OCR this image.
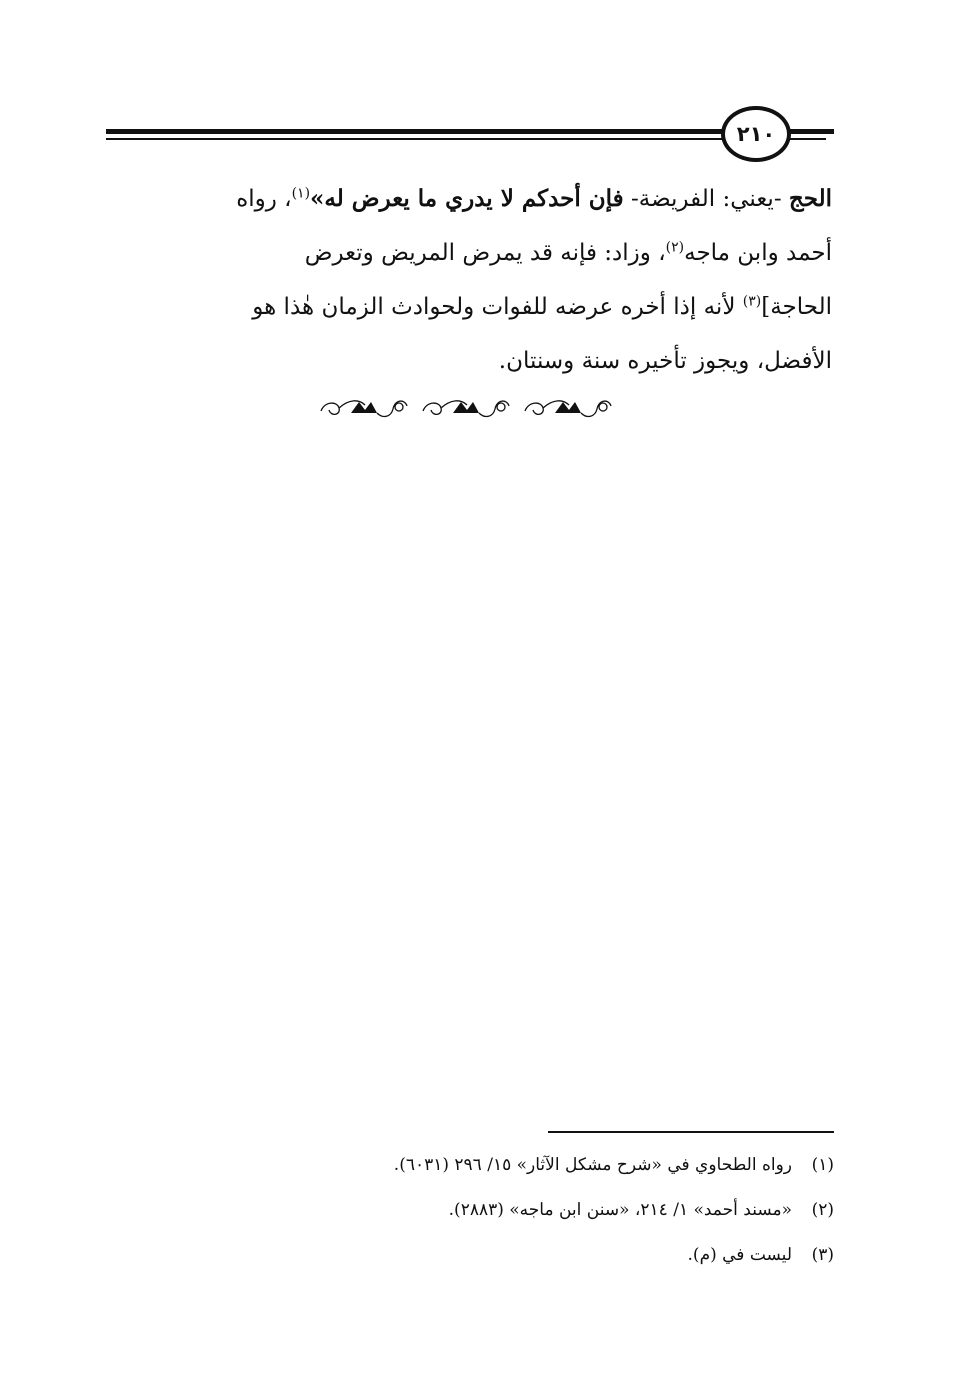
٢١٠
الحج -يعني: الفريضة- فإن أحدكم لا يدري ما يعرض له»$^{(١)}$، رواه
أحمد وابن ماجه$^{(٢)}$، وزاد: فإنه قد يمرض المريض وتعرض
الحاجة]$^{(٣)}$ لأنه إذا أخره عرضه للفوات ولحوادث الزمان هٰذا هو
الأفضل، ويجوز تأخيره سنة وسنتان.
(١)رواه الطحاوي في «شرح مشكل الآثار» ١٥/ ٢٩٦ (٦٠٣١).
(٢)«مسند أحمد» ١/ ٢١٤، «سنن ابن ماجه» (٢٨٨٣).
(٣)ليست في (م).
